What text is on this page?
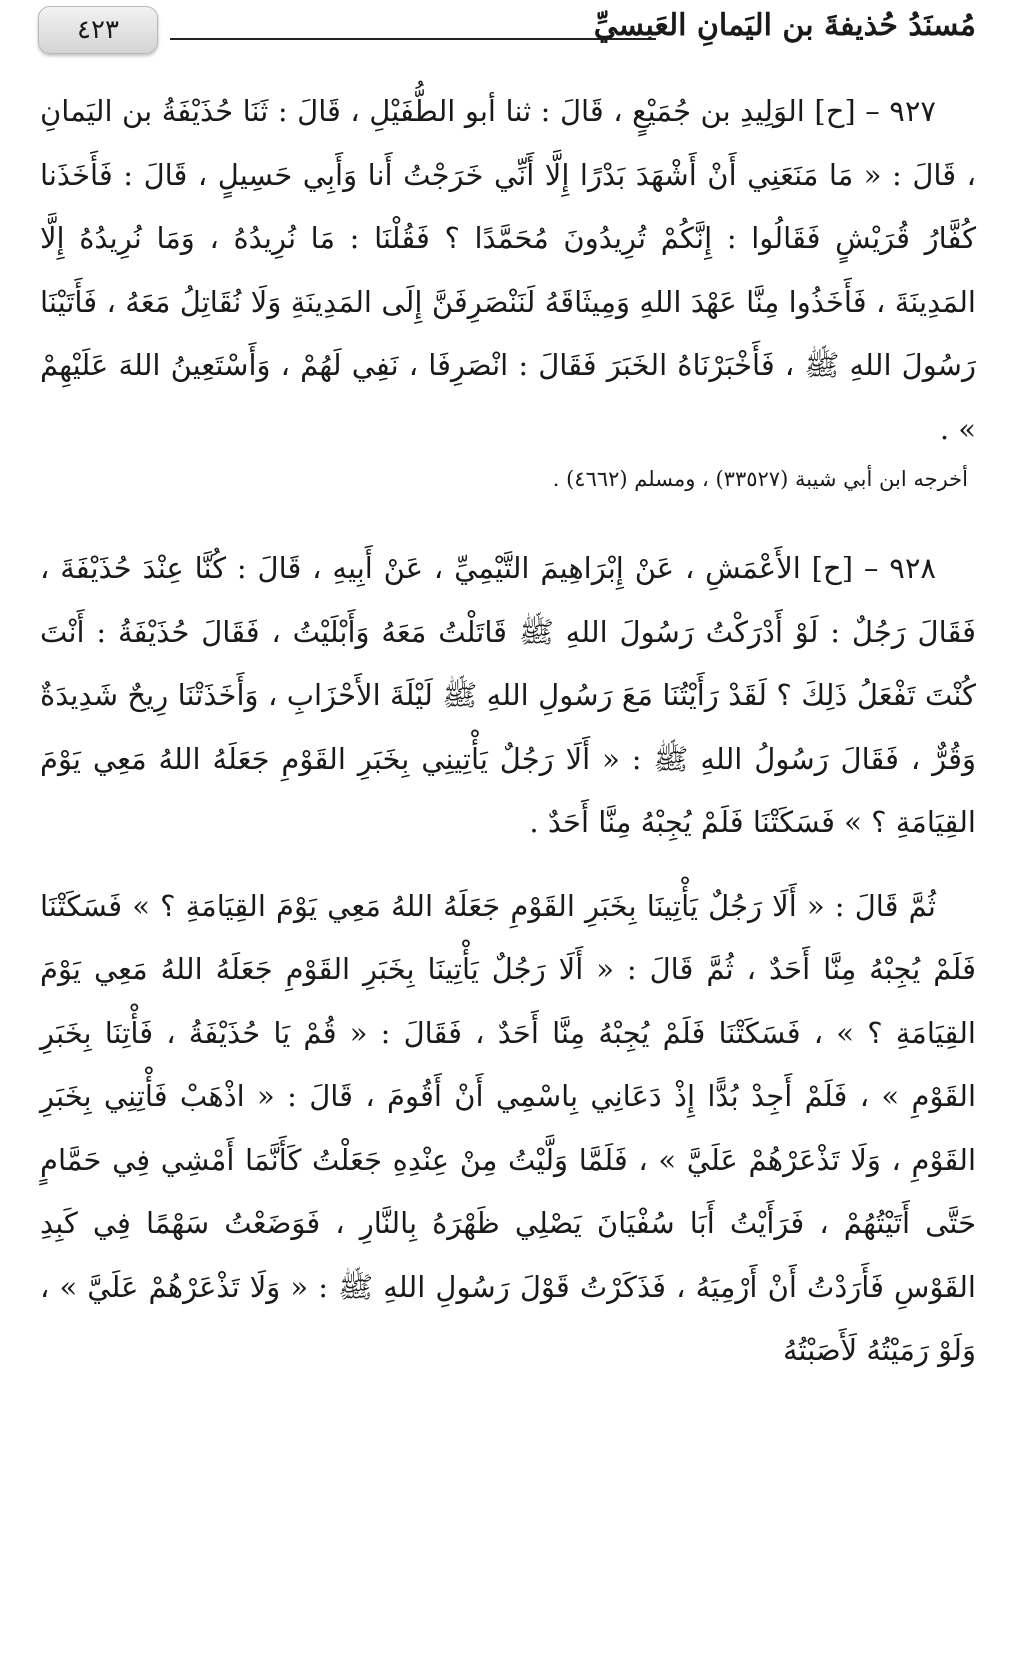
٤٢٣	مُسنَدُ حُذيفةَ بن اليَمانِ العَبسيِّ

٩٢٧ – [ح] الوَلِيدِ بن جُمَيْعٍ ، قَالَ : ثنا أبو الطُّفَيْلِ ، قَالَ : ثَنَا حُذَيْفَةُ بن اليَمانِ ، قَالَ : « مَا مَنَعَنِي أَنْ أَشْهَدَ بَدْرًا إِلَّا أَنِّي خَرَجْتُ أَنا وَأَبِي حَسِيلٍ ، قَالَ : فَأَخَذَنا كُفَّارُ قُرَيْشٍ فَقَالُوا : إِنَّكُمْ تُرِيدُونَ مُحَمَّدًا ؟ فَقُلْنَا : مَا نُرِيدُهُ ، وَمَا نُرِيدُهُ إِلَّا المَدِينَةَ ، فَأَخَذُوا مِنَّا عَهْدَ اللهِ وَمِيثَاقَهُ لَنَنْصَرِفَنَّ إِلَى المَدِينَةِ وَلَا نُقَاتِلُ مَعَهُ ، فَأَتَيْنَا رَسُولَ اللهِ ﷺ ، فَأَخْبَرْنَاهُ الخَبَرَ فَقَالَ : انْصَرِفَا ، نَفِي لَهُمْ ، وَأَسْتَعِينُ اللهَ عَلَيْهِمْ » .

أخرجه ابن أبي شيبة (٣٣٥٢٧) ، ومسلم (٤٦٦٢) .

٩٢٨ – [ح] الأَعْمَشِ ، عَنْ إِبْرَاهِيمَ التَّيْمِيِّ ، عَنْ أَبِيهِ ، قَالَ : كُنَّا عِنْدَ حُذَيْفَةَ ، فَقَالَ رَجُلٌ : لَوْ أَدْرَكْتُ رَسُولَ اللهِ ﷺ قَاتَلْتُ مَعَهُ وَأَبْلَيْتُ ، فَقَالَ حُذَيْفَةُ : أَنْتَ كُنْتَ تَفْعَلُ ذَلِكَ ؟ لَقَدْ رَأَيْتُنَا مَعَ رَسُولِ اللهِ ﷺ لَيْلَةَ الأَحْزَابِ ، وَأَخَذَتْنَا رِيحٌ شَدِيدَةٌ وَقُرٌّ ، فَقَالَ رَسُولُ اللهِ ﷺ : « أَلَا رَجُلٌ يَأْتِينِي بِخَبَرِ القَوْمِ جَعَلَهُ اللهُ مَعِي يَوْمَ القِيَامَةِ ؟ » فَسَكَتْنَا فَلَمْ يُجِبْهُ مِنَّا أَحَدٌ .

ثُمَّ قَالَ : « أَلَا رَجُلٌ يَأْتِينَا بِخَبَرِ القَوْمِ جَعَلَهُ اللهُ مَعِي يَوْمَ القِيَامَةِ ؟ » فَسَكَتْنَا فَلَمْ يُجِبْهُ مِنَّا أَحَدٌ ، ثُمَّ قَالَ : « أَلَا رَجُلٌ يَأْتِينَا بِخَبَرِ القَوْمِ جَعَلَهُ اللهُ مَعِي يَوْمَ القِيَامَةِ ؟ » ، فَسَكَتْنَا فَلَمْ يُجِبْهُ مِنَّا أَحَدٌ ، فَقَالَ : « قُمْ يَا حُذَيْفَةُ ، فَأْتِنَا بِخَبَرِ القَوْمِ » ، فَلَمْ أَجِدْ بُدًّا إِذْ دَعَانِي بِاسْمِي أَنْ أَقُومَ ، قَالَ : « اذْهَبْ فَأْتِنِي بِخَبَرِ القَوْمِ ، وَلَا تَذْعَرْهُمْ عَلَيَّ » ، فَلَمَّا وَلَّيْتُ مِنْ عِنْدِهِ جَعَلْتُ كَأَنَّمَا أَمْشِي فِي حَمَّامٍ حَتَّى أَتَيْتُهُمْ ، فَرَأَيْتُ أَبَا سُفْيَانَ يَصْلِي ظَهْرَهُ بِالنَّارِ ، فَوَضَعْتُ سَهْمًا فِي كَبِدِ القَوْسِ فَأَرَدْتُ أَنْ أَرْمِيَهُ ، فَذَكَرْتُ قَوْلَ رَسُولِ اللهِ ﷺ : « وَلَا تَذْعَرْهُمْ عَلَيَّ » ، وَلَوْ رَمَيْتُهُ لَأَصَبْتُهُ
